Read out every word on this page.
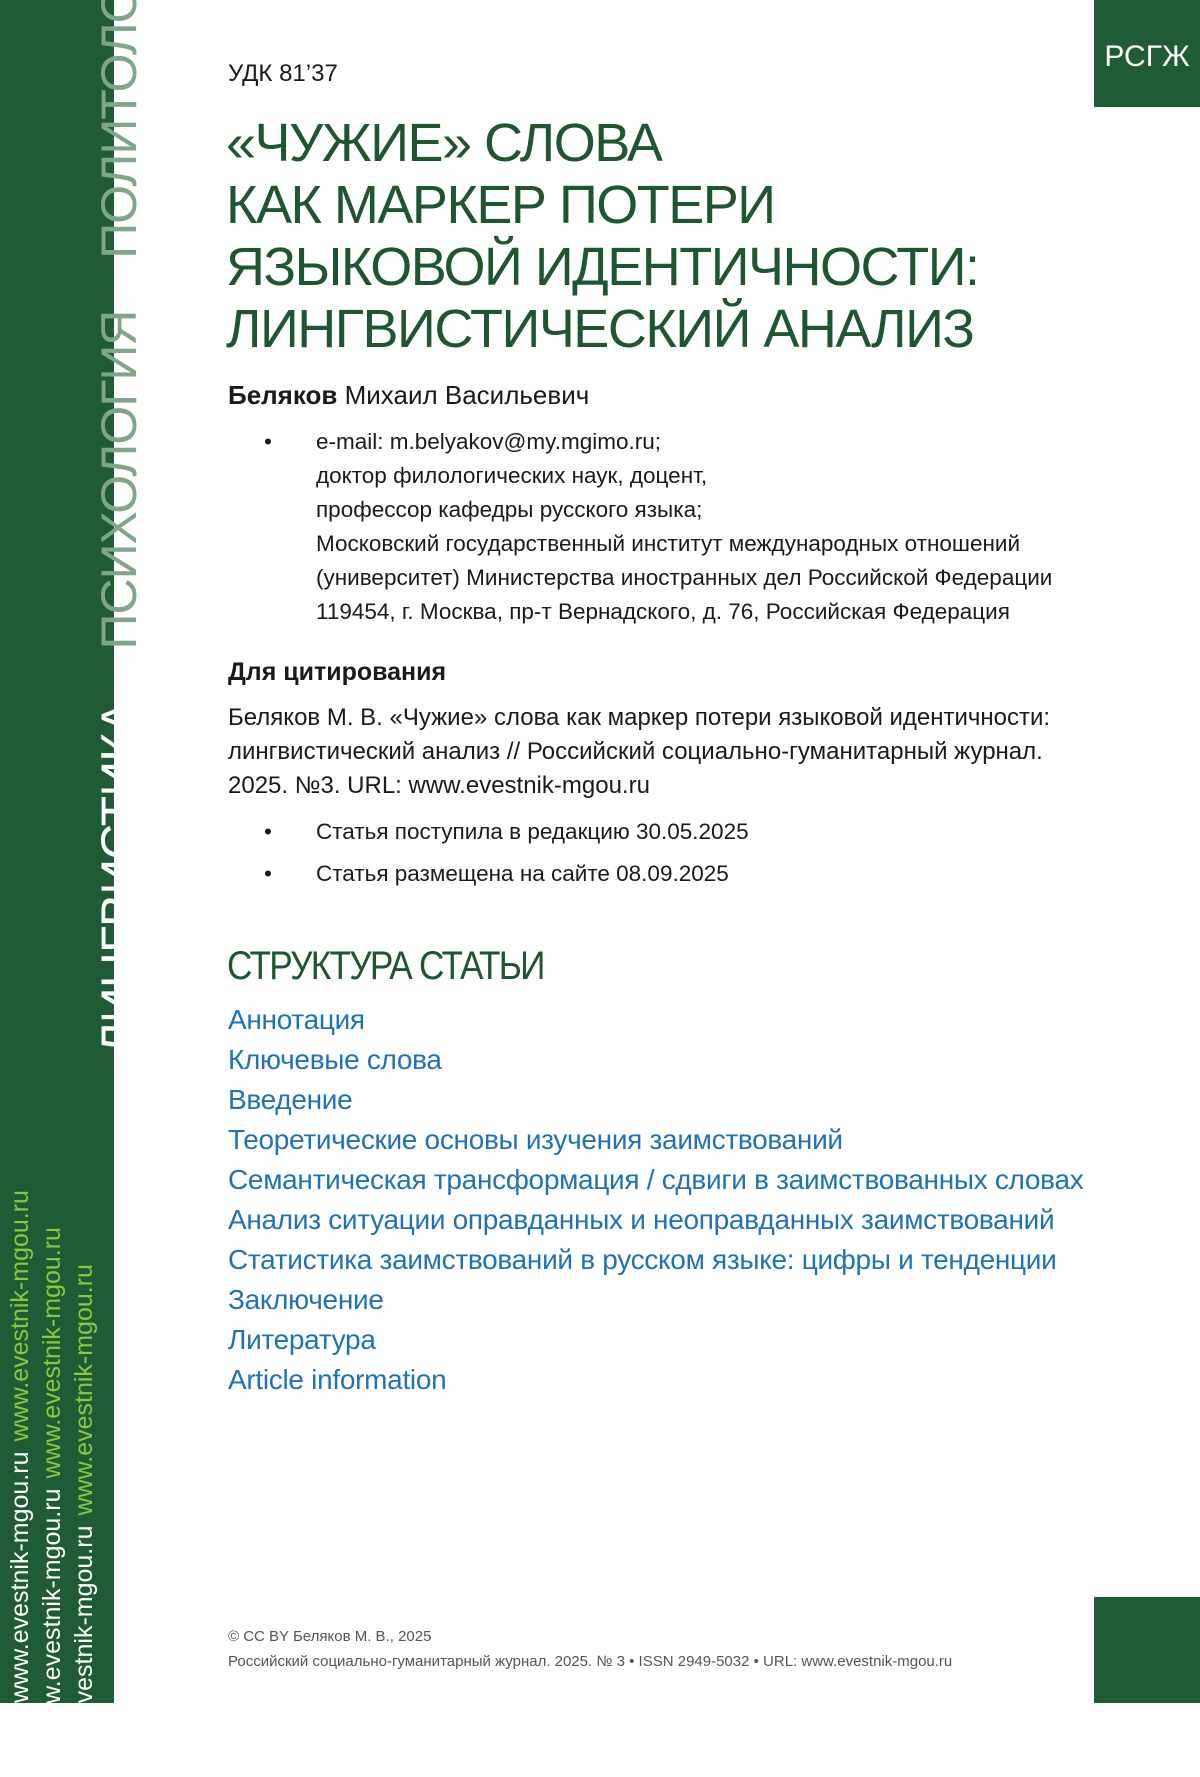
ЛИНГВИСТИКА ПСИХОЛОГИЯ ПОЛИТОЛОГИЯ
www.evestnik-mgou.ruwww.evestnik-mgou.ru
www.evestnik-mgou.ruwww.evestnik-mgou.ru
www.evestnik-mgou.ruwww.evestnik-mgou.ru
РСГЖ
УДК 81’37
«ЧУЖИЕ» СЛОВА
КАК МАРКЕР ПОТЕРИ
ЯЗЫКОВОЙ ИДЕНТИЧНОСТИ:
ЛИНГВИСТИЧЕСКИЙ АНАЛИЗ
Беляков Михаил Васильевич
• e-mail: m.belyakov@my.mgimo.ru;
доктор филологических наук, доцент,
профессор кафедры русского языка;
Московский государственный институт международных отношений
(университет) Министерства иностранных дел Российской Федерации
119454, г. Москва, пр-т Вернадского, д. 76, Российская Федерация
Для цитирования

Беляков М. В. «Чужие» слова как маркер потери языковой идентичности: лингвистический анализ // Российский социально-гуманитарный журнал. 2025. №3. URL: www.evestnik-mgou.ru

• Статья поступила в редакцию 30.05.2025
• Статья размещена на сайте 08.09.2025
СТРУКТУРА СТАТЬИ
Аннотация
Ключевые слова
Введение
Теоретические основы изучения заимствований
Семантическая трансформация / сдвиги в заимствованных словах
Анализ ситуации оправданных и неоправданных заимствований
Статистика заимствований в русском языке: цифры и тенденции
Заключение
Литература
Article information
© CC BY Беляков М. В., 2025
Российский социально-гуманитарный журнал. 2025. № 3 • ISSN 2949-5032 • URL: www.evestnik-mgou.ru
